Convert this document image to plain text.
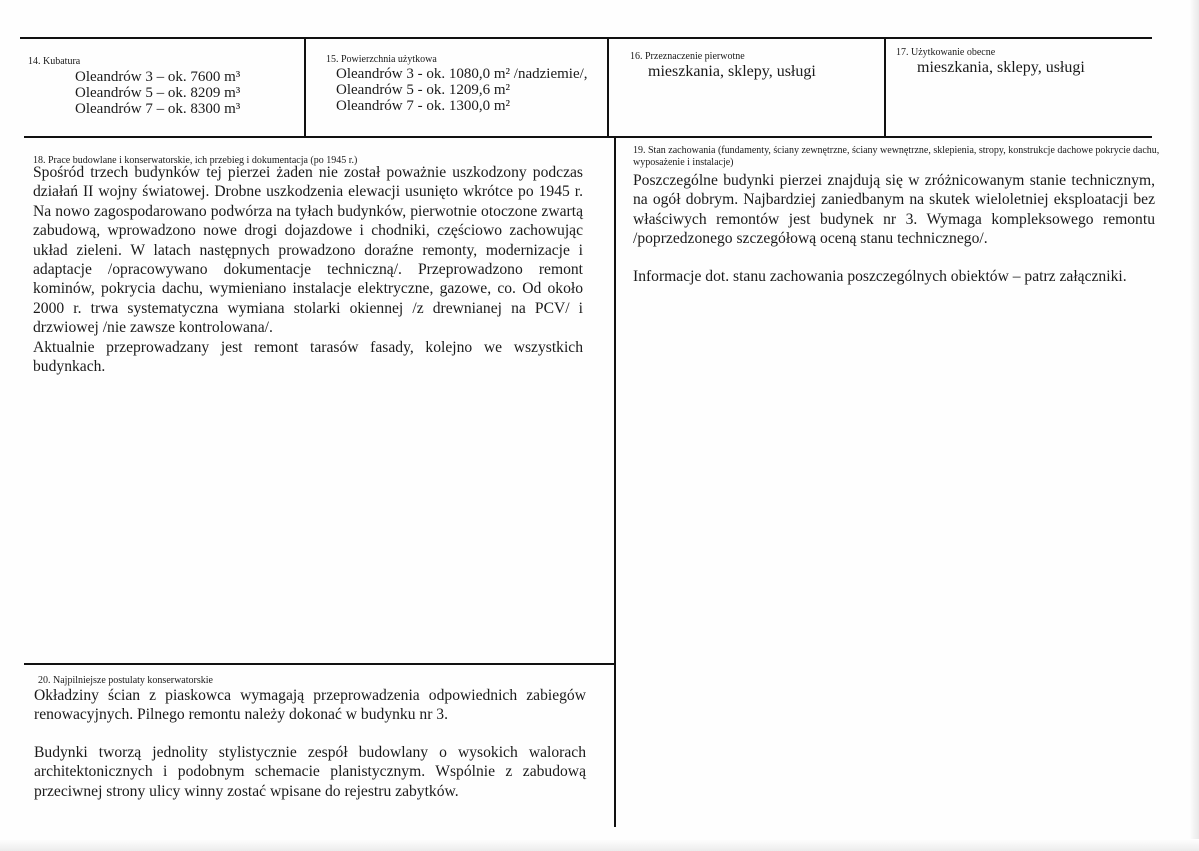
14. Kubatura
Oleandrów 3 – ok. 7600 m³
Oleandrów 5 – ok. 8209 m³
Oleandrów 7 – ok. 8300 m³
15. Powierzchnia użytkowa
Oleandrów 3 - ok. 1080,0 m² /nadziemie/,
Oleandrów 5 - ok. 1209,6 m²
Oleandrów 7 - ok. 1300,0 m²
16. Przeznaczenie pierwotne
mieszkania, sklepy, usługi
17. Użytkowanie obecne
mieszkania, sklepy, usługi
18. Prace budowlane i konserwatorskie, ich przebieg i dokumentacja (po 1945 r.)

Spośród trzech budynków tej pierzei żaden nie został poważnie uszkodzony podczas działań II wojny światowej. Drobne uszkodzenia elewacji usunięto wkrótce po 1945 r. Na nowo zagospodarowano podwórza na tyłach budynków, pierwotnie otoczone zwartą zabudową, wprowadzono nowe drogi dojazdowe i chodniki, częściowo zachowując układ zieleni. W latach następnych prowadzono doraźne remonty, modernizacje i adaptacje /opracowywano dokumentacje techniczną/. Przeprowadzono remont kominów, pokrycia dachu, wymieniano instalacje elektryczne, gazowe, co. Od około 2000 r. trwa systematyczna wymiana stolarki okiennej /z drewnianej na PCV/ i drzwiowej /nie zawsze kontrolowana/.

Aktualnie przeprowadzany jest remont tarasów fasady, kolejno we wszystkich budynkach.

19. Stan zachowania (fundamenty, ściany zewnętrzne, ściany wewnętrzne, sklepienia, stropy, konstrukcje dachowe pokrycie dachu, wyposażenie i instalacje)

Poszczególne budynki pierzei znajdują się w zróżnicowanym stanie technicznym, na ogół dobrym. Najbardziej zaniedbanym na skutek wieloletniej eksploatacji bez właściwych remontów jest budynek nr 3. Wymaga kompleksowego remontu /poprzedzonego szczegółową oceną stanu technicznego/.

Informacje dot. stanu zachowania poszczególnych obiektów – patrz załączniki.

20. Najpilniejsze postulaty konserwatorskie

Okładziny ścian z piaskowca wymagają przeprowadzenia odpowiednich zabiegów renowacyjnych. Pilnego remontu należy dokonać w budynku nr 3.

Budynki tworzą jednolity stylistycznie zespół budowlany o wysokich walorach architektonicznych i podobnym schemacie planistycznym. Wspólnie z zabudową przeciwnej strony ulicy winny zostać wpisane do rejestru zabytków.
